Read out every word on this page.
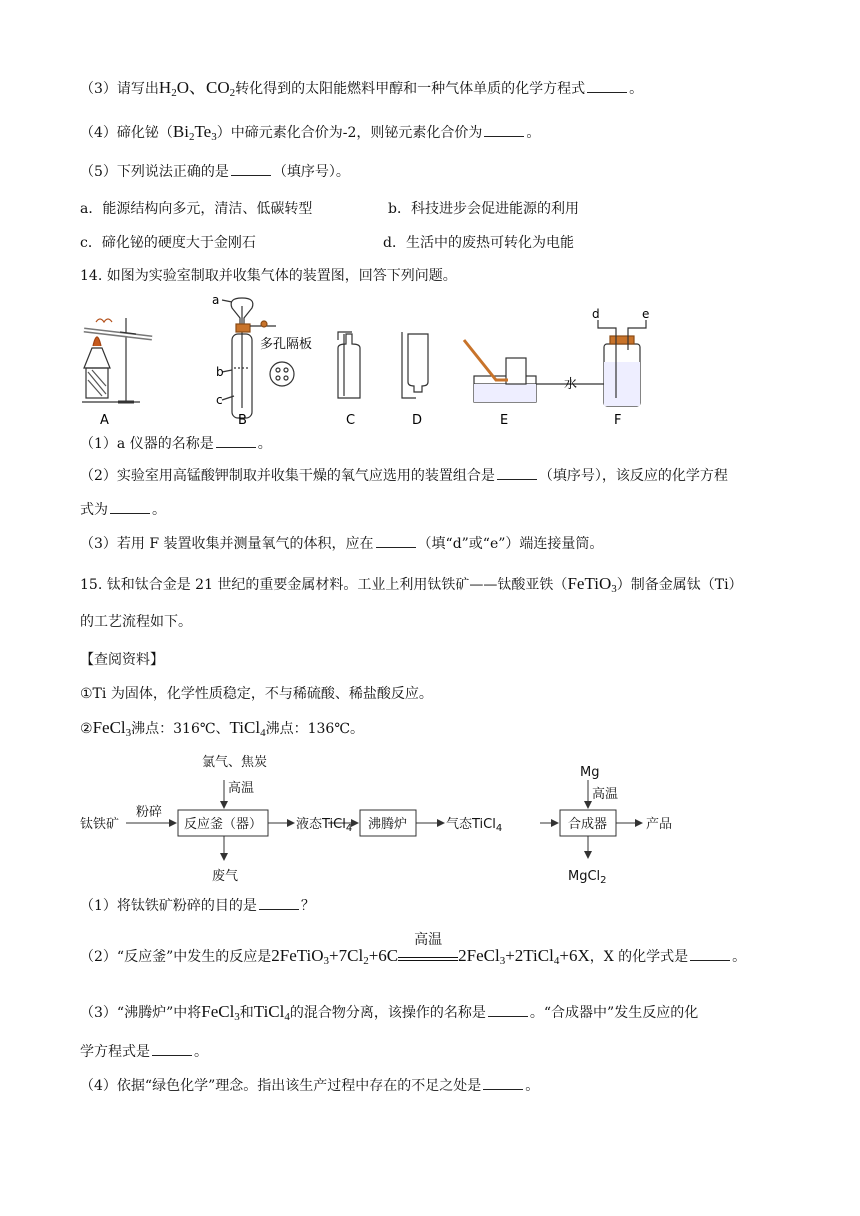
（3）请写出$H_2O$、$CO_2$转化得到的太阳能燃料甲醇和一种气体单质的化学方程式	。
（4）碲化铋$(Bi_2Te_3)$中碲元素化合价为-2，则铋元素化合价为	。
（5）下列说法正确的是	（填序号）。
a．能源结构向多元，清洁、低碳转型	b．科技进步会促进能源的利用
c．碲化铋的硬度大于金刚石	d．生活中的废热可转化为电能
14. 如图为实验室制取并收集气体的装置图，回答下列问题。
A	B	C	D	E	F
a
b
c
d	e
多孔隔板
水
（1）a 仪器的名称是	。
（2）实验室用高锰酸钾制取并收集干燥的氧气应选用的装置组合是	（填序号），该反应的化学方程
式为	。
（3）若用 F 装置收集并测量氧气的体积，应在	（填“d”或“e”）端连接量筒。
15. 钛和钛合金是 21 世纪的重要金属材料。工业上利用钛铁矿——钛酸亚铁（FeTiO$_3$）制备金属钛（Ti）
的工艺流程如下。
【查阅资料】
①Ti 为固体，化学性质稳定，不与稀硫酸、稀盐酸反应。
②FeCl$_3$沸点：316℃、TiCl$_4$沸点：136℃。
钛铁矿
粉碎
反应釜（器）
氯气、焦炭
高温
废气
液态TiCl$_4$ 沸腾炉	气态TiCl$_4$	合成器
Mg
高温
产品
MgCl$_2$
（1）将钛铁矿粉碎的目的是	？
（2）“反应釜”中发生的反应是$2FeTiO_3+7Cl_2+6C$
高温
2FeCl$_3$+2TiCl$_4$+6X，X 的化学式是	。
（3）“沸腾炉”中将FeCl$_3$和TiCl$_4$的混合物分离，该操作的名称是	。“合成器中”发生反应的化
学方程式是	。
（4）依据“绿色化学”理念。指出该生产过程中存在的不足之处是	。
